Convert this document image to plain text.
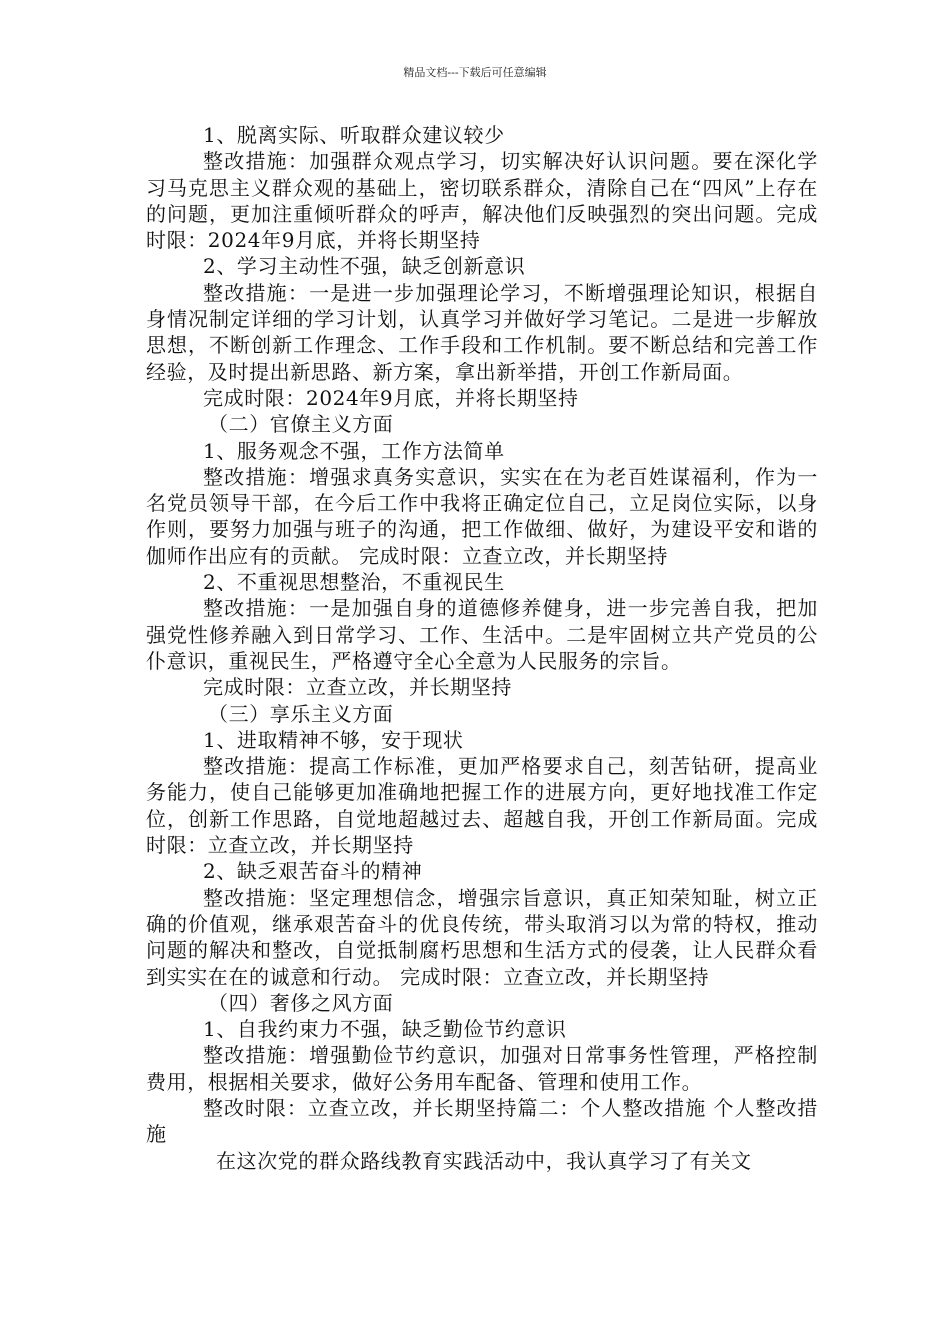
精品文档---下载后可任意编辑

1、脱离实际、听取群众建议较少

整改措施：加强群众观点学习，切实解决好认识问题。要在深化学习马克思主义群众观的基础上，密切联系群众，清除自己在“四风”上存在的问题，更加注重倾听群众的呼声，解决他们反映强烈的突出问题。完成时限：2024年9月底，并将长期坚持

2、学习主动性不强，缺乏创新意识

整改措施：一是进一步加强理论学习，不断增强理论知识，根据自身情况制定详细的学习计划，认真学习并做好学习笔记。二是进一步解放思想，不断创新工作理念、工作手段和工作机制。要不断总结和完善工作经验，及时提出新思路、新方案，拿出新举措，开创工作新局面。

完成时限：2024年9月底，并将长期坚持

（二）官僚主义方面

1、服务观念不强，工作方法简单

整改措施：增强求真务实意识，实实在在为老百姓谋福利，作为一名党员领导干部，在今后工作中我将正确定位自己，立足岗位实际，以身作则，要努力加强与班子的沟通，把工作做细、做好，为建设平安和谐的伽师作出应有的贡献。 完成时限：立查立改，并长期坚持

2、不重视思想整治，不重视民生

整改措施：一是加强自身的道德修养健身，进一步完善自我，把加强党性修养融入到日常学习、工作、生活中。二是牢固树立共产党员的公仆意识，重视民生，严格遵守全心全意为人民服务的宗旨。

完成时限：立查立改，并长期坚持

（三）享乐主义方面

1、进取精神不够，安于现状

整改措施：提高工作标准，更加严格要求自己，刻苦钻研，提高业务能力，使自己能够更加准确地把握工作的进展方向，更好地找准工作定位，创新工作思路，自觉地超越过去、超越自我，开创工作新局面。完成时限：立查立改，并长期坚持

2、缺乏艰苦奋斗的精神

整改措施：坚定理想信念，增强宗旨意识，真正知荣知耻，树立正确的价值观，继承艰苦奋斗的优良传统，带头取消习以为常的特权，推动问题的解决和整改，自觉抵制腐朽思想和生活方式的侵袭，让人民群众看到实实在在的诚意和行动。 完成时限：立查立改，并长期坚持

（四）奢侈之风方面

1、自我约束力不强，缺乏勤俭节约意识

整改措施：增强勤俭节约意识，加强对日常事务性管理，严格控制费用，根据相关要求，做好公务用车配备、管理和使用工作。

整改时限：立查立改，并长期坚持篇二：个人整改措施 个人整改措施

在这次党的群众路线教育实践活动中，我认真学习了有关文
